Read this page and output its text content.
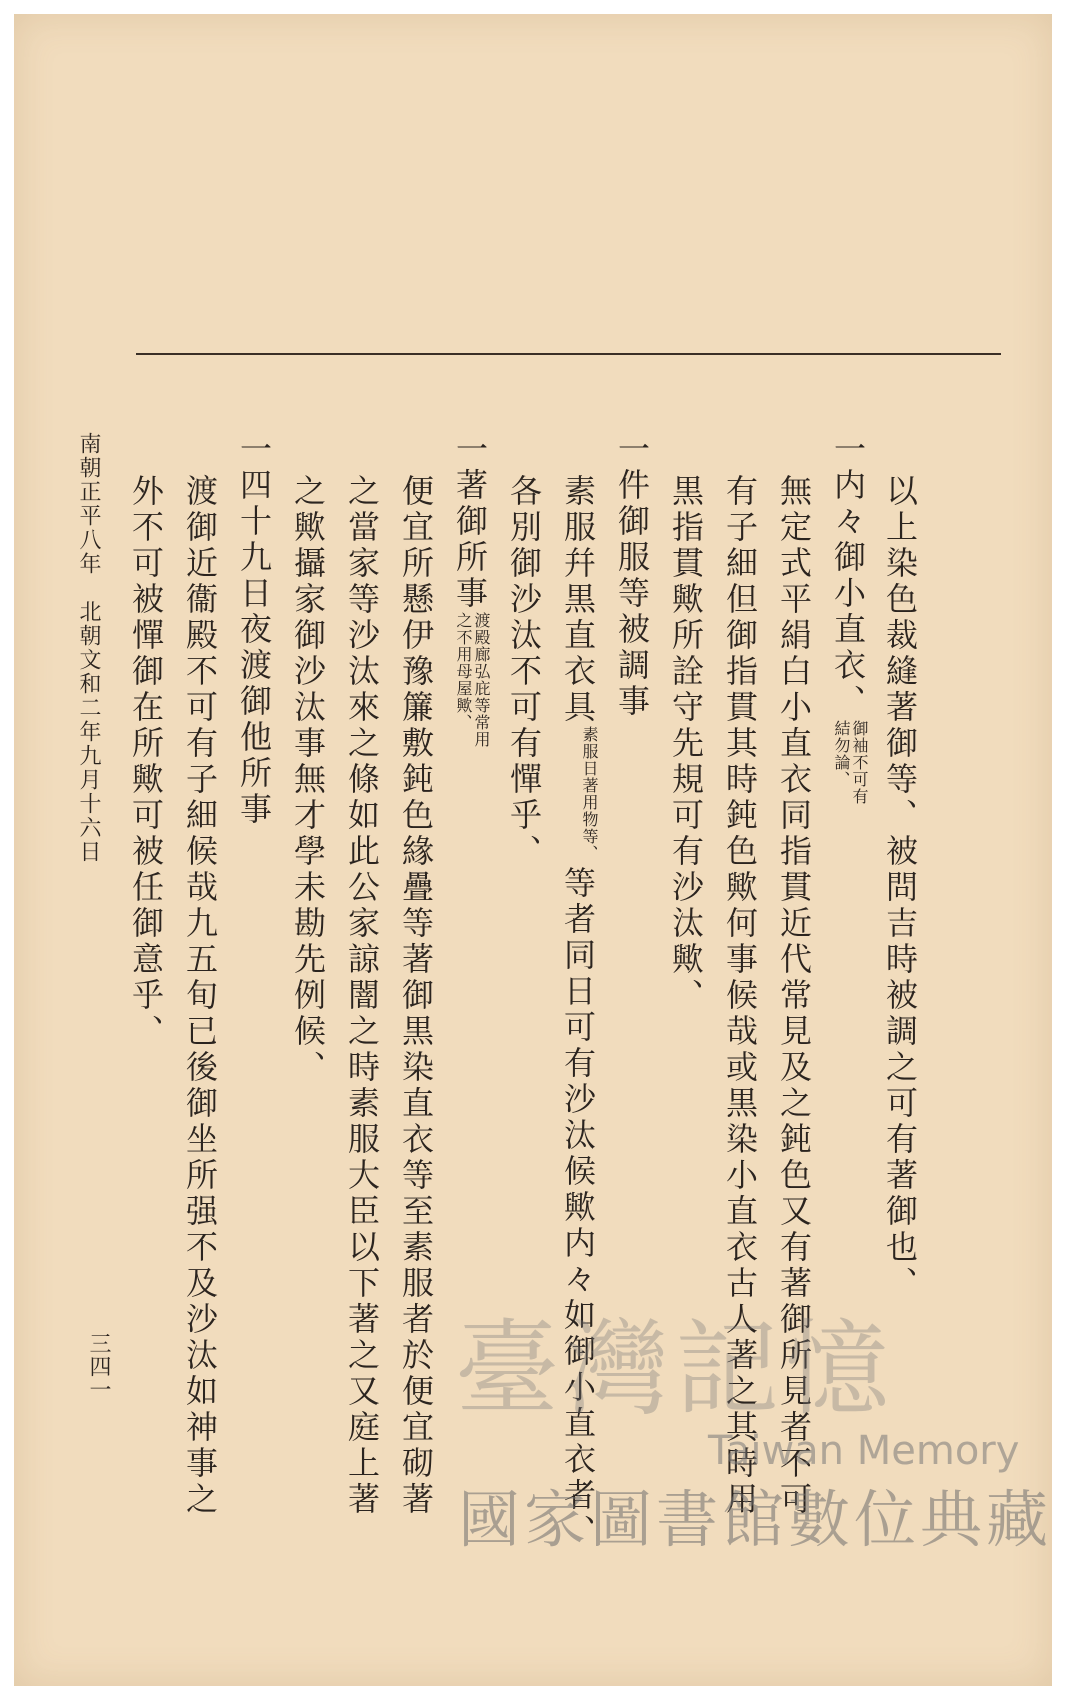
以上染色裁縫著御等、被問吉時被調之可有著御也、
一内々御小直衣、御袖不可有結勿論、
無定式平絹白小直衣同指貫近代常見及之鈍色又有著御所見者不可
有子細但御指貫其時鈍色歟何事候哉或黒染小直衣古人著之其時用
黒指貫歟所詮守先規可有沙汰歟、
一件御服等被調事
素服幷黒直衣具素服日著用物等、等者同日可有沙汰候歟内々如御小直衣者、
各別御沙汰不可有憚乎、
一著御所事渡殿廊弘庇等常用之不用母屋歟、
便宜所懸伊豫簾敷鈍色緣疊等著御黒染直衣等至素服者於便宜砌著
之當家等沙汰來之條如此公家諒闇之時素服大臣以下著之又庭上著
之歟攝家御沙汰事無才學未勘先例候、
一四十九日夜渡御他所事
渡御近衞殿不可有子細候哉九五旬已後御坐所强不及沙汰如神事之
外不可被憚御在所歟可被任御意乎、
南朝正平八年　北朝文和二年九月十六日
三四一	臺灣記憶
Taiwan Memory
國家圖書館數位典藏
